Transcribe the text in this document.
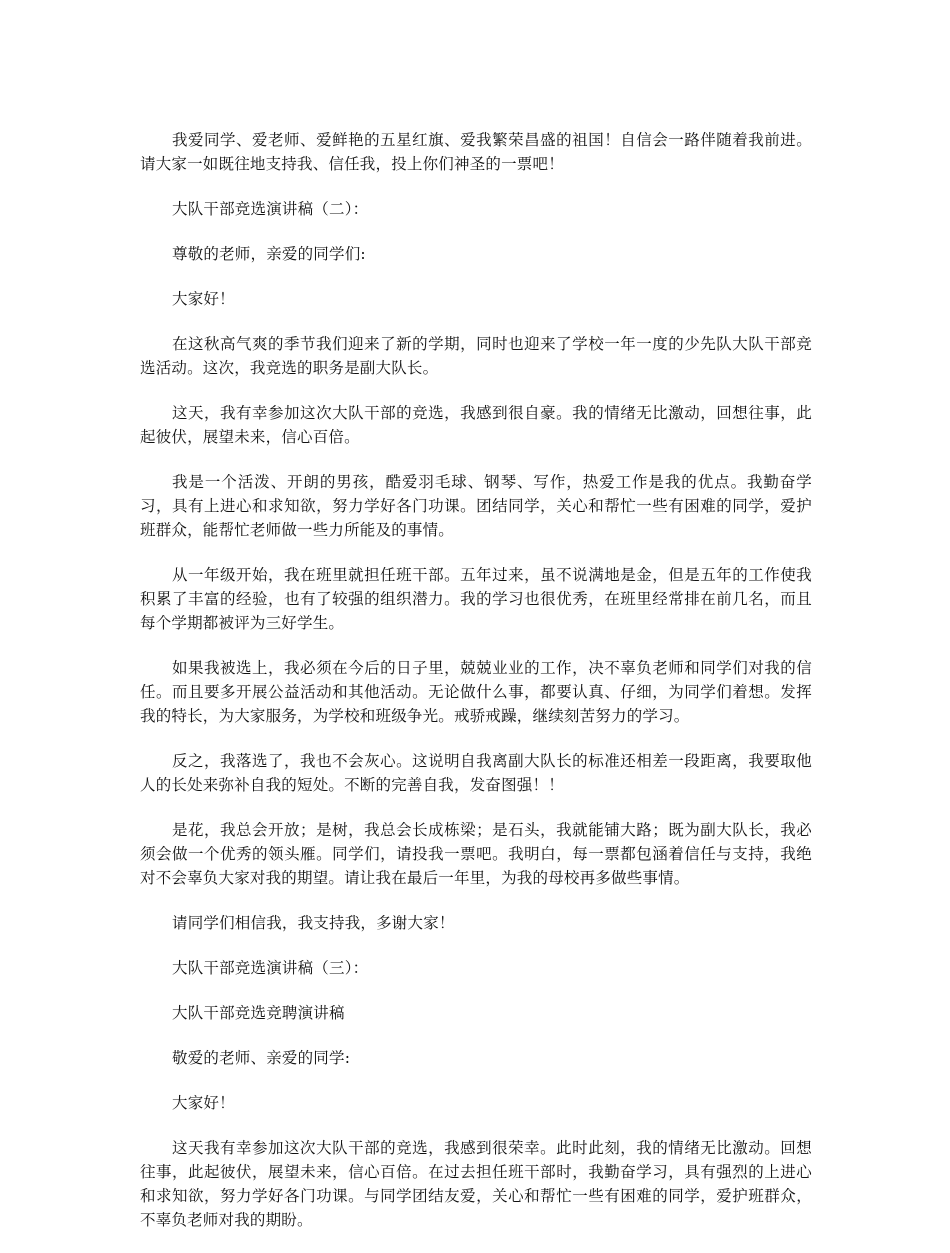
我爱同学、爱老师、爱鲜艳的五星红旗、爱我繁荣昌盛的祖国！自信会一路伴随着我前进。请大家一如既往地支持我、信任我，投上你们神圣的一票吧！

大队干部竞选演讲稿（二）：

尊敬的老师，亲爱的同学们:

大家好！

在这秋高气爽的季节我们迎来了新的学期，同时也迎来了学校一年一度的少先队大队干部竞选活动。这次，我竞选的职务是副大队长。

这天，我有幸参加这次大队干部的竞选，我感到很自豪。我的情绪无比激动，回想往事，此起彼伏，展望未来，信心百倍。

我是一个活泼、开朗的男孩，酷爱羽毛球、钢琴、写作，热爱工作是我的优点。我勤奋学习，具有上进心和求知欲，努力学好各门功课。团结同学，关心和帮忙一些有困难的同学，爱护班群众，能帮忙老师做一些力所能及的事情。

从一年级开始，我在班里就担任班干部。五年过来，虽不说满地是金，但是五年的工作使我积累了丰富的经验，也有了较强的组织潜力。我的学习也很优秀，在班里经常排在前几名，而且每个学期都被评为三好学生。

如果我被选上，我必须在今后的日子里，兢兢业业的工作，决不辜负老师和同学们对我的信任。而且要多开展公益活动和其他活动。无论做什么事，都要认真、仔细，为同学们着想。发挥我的特长，为大家服务，为学校和班级争光。戒骄戒躁，继续刻苦努力的学习。

反之，我落选了，我也不会灰心。这说明自我离副大队长的标准还相差一段距离，我要取他人的长处来弥补自我的短处。不断的完善自我，发奋图强！！

是花，我总会开放；是树，我总会长成栋梁；是石头，我就能铺大路；既为副大队长，我必须会做一个优秀的领头雁。同学们，请投我一票吧。我明白，每一票都包涵着信任与支持，我绝对不会辜负大家对我的期望。请让我在最后一年里，为我的母校再多做些事情。

请同学们相信我，我支持我，多谢大家！

大队干部竞选演讲稿（三）：

大队干部竞选竞聘演讲稿

敬爱的老师、亲爱的同学:

大家好！

这天我有幸参加这次大队干部的竞选，我感到很荣幸。此时此刻，我的情绪无比激动。回想往事，此起彼伏，展望未来，信心百倍。在过去担任班干部时，我勤奋学习，具有强烈的上进心和求知欲，努力学好各门功课。与同学团结友爱，关心和帮忙一些有困难的同学，爱护班群众，不辜负老师对我的期盼。
